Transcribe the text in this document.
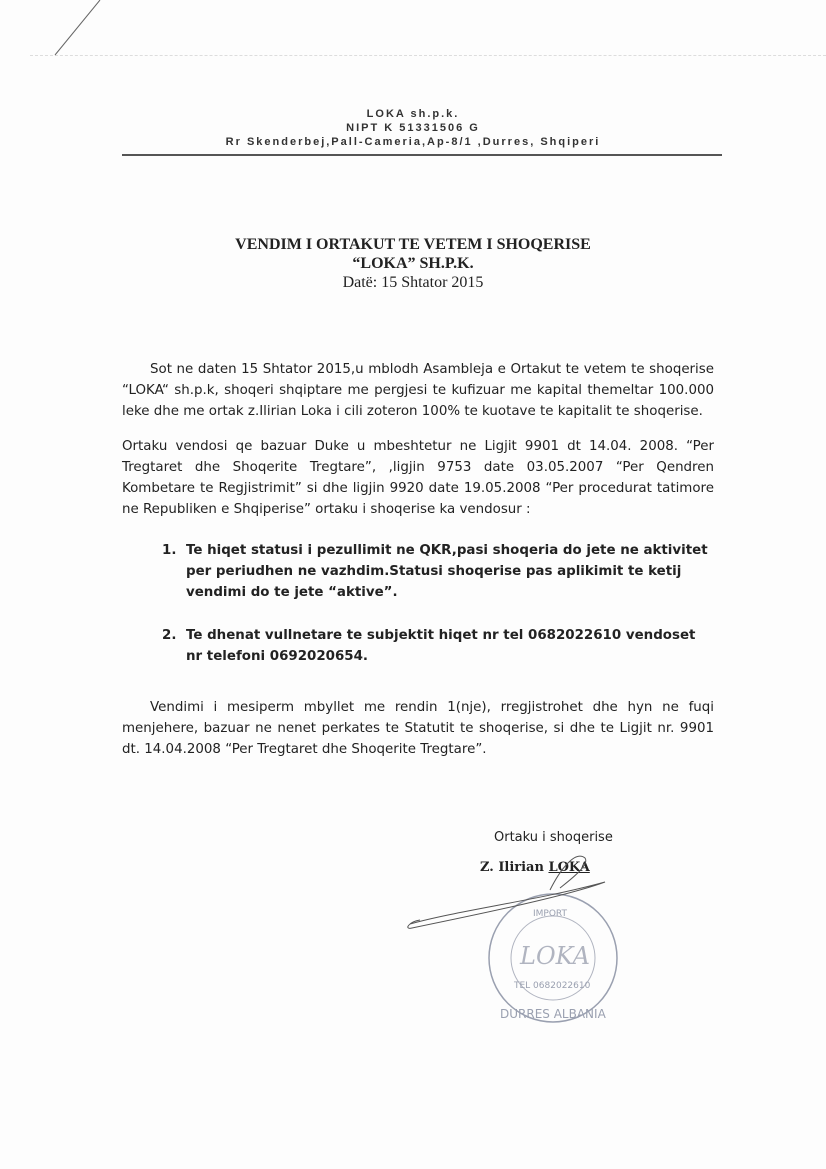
LOKA sh.p.k.
NIPT K 51331506 G
Rr Skenderbej,Pall-Cameria,Ap-8/1 ,Durres, Shqiperi
VENDIM I ORTAKUT TE VETEM I SHOQERISE
“LOKA” SH.P.K.
Datë: 15 Shtator 2015

Sot ne daten 15 Shtator 2015,u mblodh Asambleja e Ortakut te vetem te shoqerise “LOKA“ sh.p.k, shoqeri shqiptare me pergjesi te kufizuar me kapital themeltar 100.000 leke dhe me ortak z.Ilirian Loka i cili zoteron 100% te kuotave te kapitalit te shoqerise.

Ortaku vendosi qe bazuar Duke u mbeshtetur ne Ligjit 9901 dt 14.04. 2008. “Per Tregtaret dhe Shoqerite Tregtare”, ,ligjin 9753 date 03.05.2007 “Per Qendren Kombetare te Regjistrimit” si dhe ligjin 9920 date 19.05.2008 “Per procedurat tatimore ne Republiken e Shqiperise” ortaku i shoqerise ka vendosur :

1. Te hiqet statusi i pezullimit ne QKR,pasi shoqeria do jete ne aktivitet per periudhen ne vazhdim.Statusi shoqerise pas aplikimit te ketij vendimi do te jete “aktive”.
2. Te dhenat vullnetare te subjektit hiqet nr tel 0682022610 vendoset nr telefoni 0692020654.

Vendimi i mesiperm mbyllet me rendin 1(nje), rregjistrohet dhe hyn ne fuqi menjehere, bazuar ne nenet perkates te Statutit te shoqerise, si dhe te Ligjit nr. 9901 dt. 14.04.2008 “Per Tregtaret dhe Shoqerite Tregtare”.

IMPORT
LOKA
TEL 0682022610
DURRES ALBANIA
Ortaku i shoqerise
Z. Ilirian LOKA
